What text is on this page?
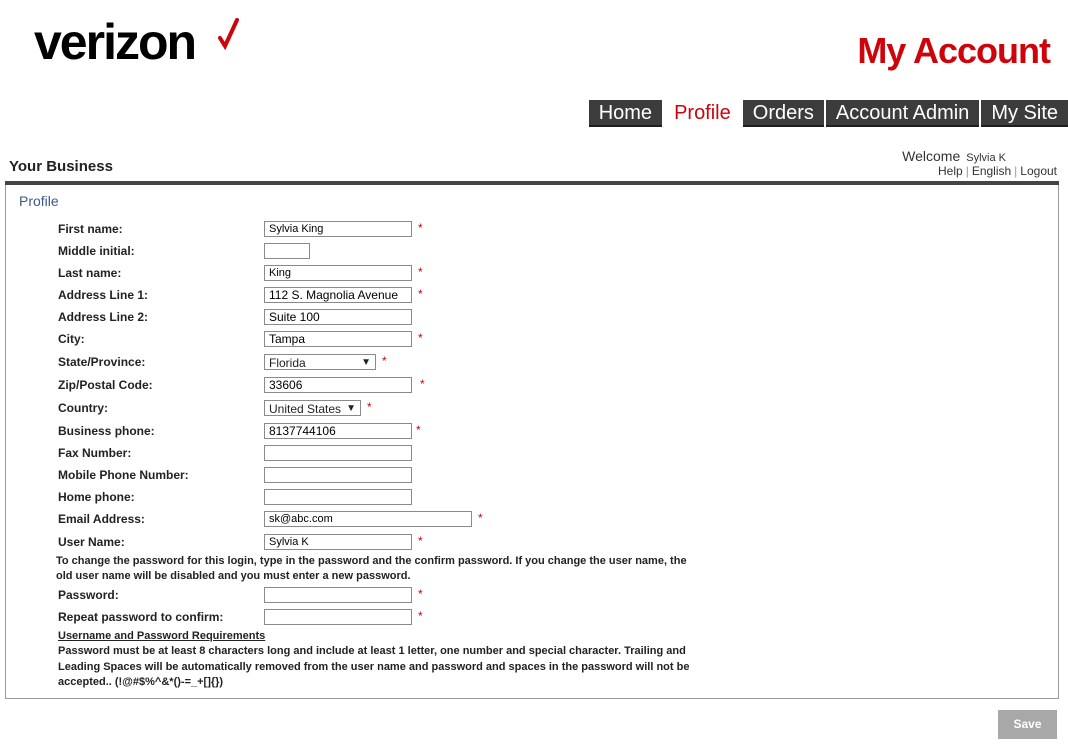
verizon	My Account
Home	Profile	Orders	Account Admin	My Site
Your Business
Welcome Sylvia K
Help | English | Logout
Profile
First name:
Sylvia King	*
Middle initial:
Last name:
King	*
Address Line 1:
112 S. Magnolia Avenue	*
Address Line 2:
Suite 100
City:
Tampa	*
State/Province:	Florida	▼ *
Zip/Postal Code:
33606	*
Country:	United States ▼ *
Business phone:
8137744106	*
Fax Number:
Mobile Phone Number:
Home phone:
Email Address:
sk@abc.com	*
User Name:
Sylvia K	*
To change the password for this login, type in the password and the confirm password. If you change the user name, the old user name will be disabled and you must enter a new password.
Password:	*
Repeat password to confirm:	*
Username and Password Requirements
Password must be at least 8 characters long and include at least 1 letter, one number and special character. Trailing and Leading Spaces will be automatically removed from the user name and password and spaces in the password will not be accepted.. (!@#$%^&*()-=_+[]{})
Save
